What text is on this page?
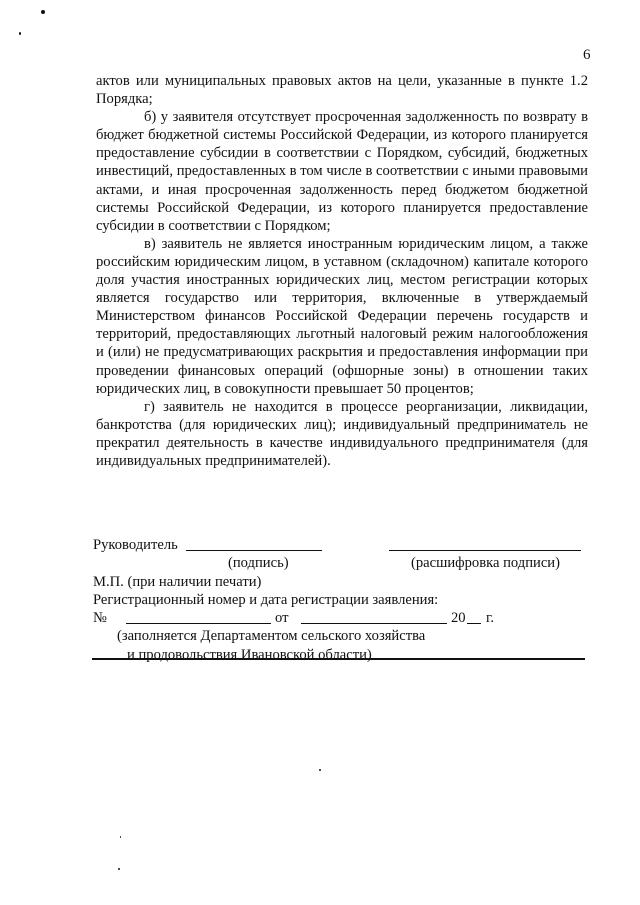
6

актов или муниципальных правовых актов на цели, указанные в пункте 1.2 Порядка;

б) у заявителя отсутствует просроченная задолженность по возврату в бюджет бюджетной системы Российской Федерации, из которого планируется предоставление субсидии в соответствии с Порядком, субсидий, бюджетных инвестиций, предоставленных в том числе в соответствии с иными правовыми актами, и иная просроченная задолженность перед бюджетом бюджетной системы Российской Федерации, из которого планируется предоставление субсидии в соответствии с Порядком;

в) заявитель не является иностранным юридическим лицом, а также российским юридическим лицом, в уставном (складочном) капитале которого доля участия иностранных юридических лиц, местом регистрации которых является государство или территория, включенные в утверждаемый Министерством финансов Российской Федерации перечень государств и территорий, предоставляющих льготный налоговый режим налогообложения и (или) не предусматривающих раскрытия и предоставления информации при проведении финансовых операций (офшорные зоны) в отношении таких юридических лиц, в совокупности превышает 50 процентов;

г) заявитель не находится в процессе реорганизации, ликвидации, банкротства (для юридических лиц); индивидуальный предприниматель не прекратил деятельность в качестве индивидуального предпринимателя (для индивидуальных предпринимателей).

Руководитель
(подпись)	(расшифровка подписи)
М.П. (при наличии печати)
Регистрационный номер и дата регистрации заявления:
№	от	20 г.
(заполняется Департаментом сельского хозяйства
и продовольствия Ивановской области)
